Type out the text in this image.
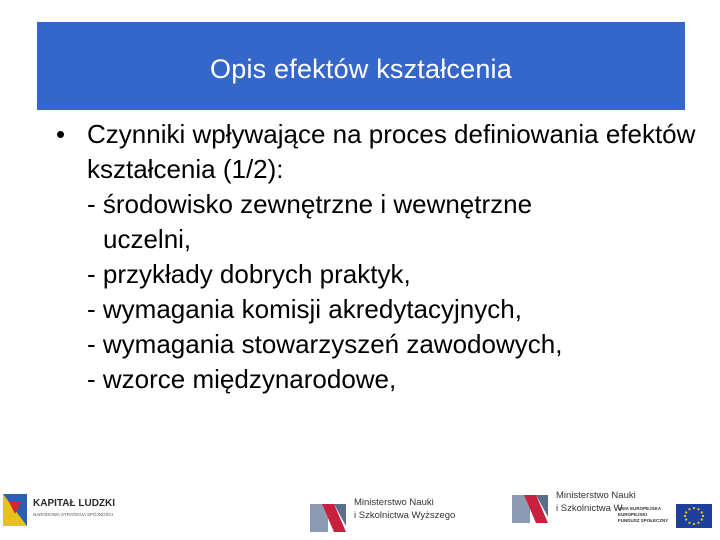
Opis efektów kształcenia
• Czynniki wpływające na proces definiowania efektów kształcenia (1/2):
- środowisko zewnętrzne i wewnętrzne
uczelni,
- przykłady dobrych praktyk,
- wymagania komisji akredytacyjnych,
- wymagania stowarzyszeń zawodowych,
- wzorce międzynarodowe,
KAPITAŁ LUDZKI
NARODOWA STRATEGIA SPÓJNOŚCI
Ministerstwo Nauki
i Szkolnictwa Wyższego
Ministerstwo Nauki
i Szkolnictwa W
UNIA EUROPEJSKA
EUROPEJSKI
FUNDUSZ SPOŁECZNY
